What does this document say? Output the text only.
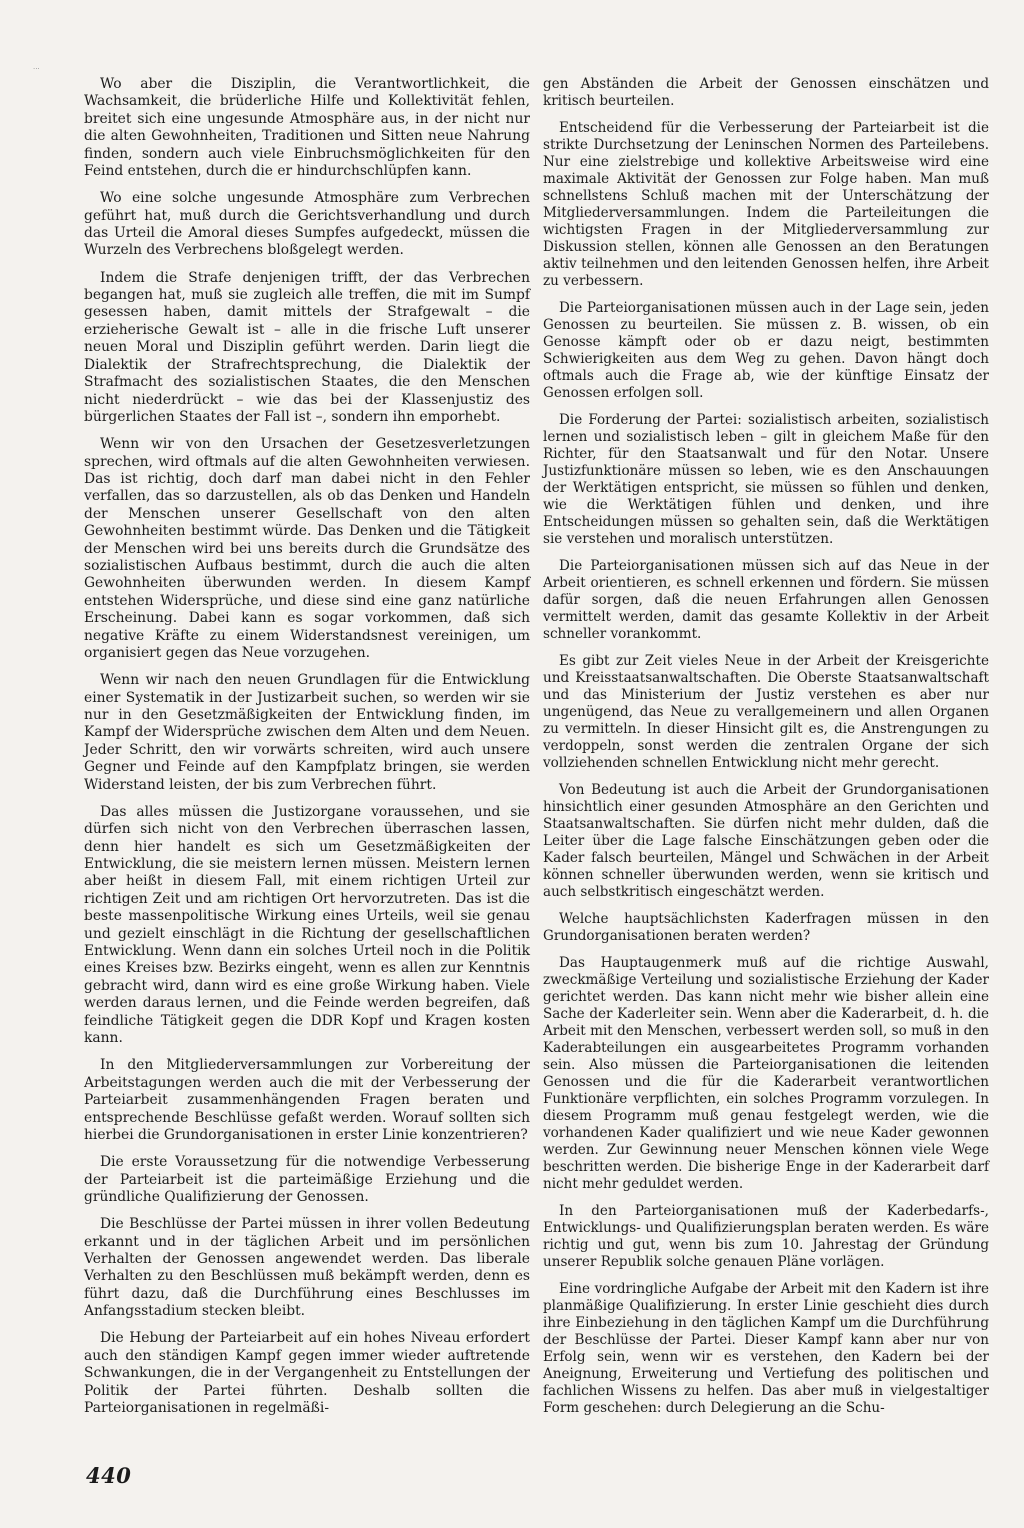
...

Wo aber die Disziplin, die Verantwortlichkeit, die Wachsamkeit, die brüderliche Hilfe und Kollektivität fehlen, breitet sich eine ungesunde Atmosphäre aus, in der nicht nur die alten Gewohnheiten, Traditionen und Sitten neue Nahrung finden, sondern auch viele Einbruchsmöglichkeiten für den Feind entstehen, durch die er hindurchschlüpfen kann.

Wo eine solche ungesunde Atmosphäre zum Verbrechen geführt hat, muß durch die Gerichtsverhandlung und durch das Urteil die Amoral dieses Sumpfes aufgedeckt, müssen die Wurzeln des Verbrechens bloßgelegt werden.

Indem die Strafe denjenigen trifft, der das Verbrechen begangen hat, muß sie zugleich alle treffen, die mit im Sumpf gesessen haben, damit mittels der Strafgewalt – die erzieherische Gewalt ist – alle in die frische Luft unserer neuen Moral und Disziplin geführt werden. Darin liegt die Dialektik der Strafrechtsprechung, die Dialektik der Strafmacht des sozialistischen Staates, die den Menschen nicht niederdrückt – wie das bei der Klassenjustiz des bürgerlichen Staates der Fall ist –, sondern ihn emporhebt.

Wenn wir von den Ursachen der Gesetzesverletzungen sprechen, wird oftmals auf die alten Gewohnheiten verwiesen. Das ist richtig, doch darf man dabei nicht in den Fehler verfallen, das so darzustellen, als ob das Denken und Handeln der Menschen unserer Gesellschaft von den alten Gewohnheiten bestimmt würde. Das Denken und die Tätigkeit der Menschen wird bei uns bereits durch die Grundsätze des sozialistischen Aufbaus bestimmt, durch die auch die alten Gewohnheiten überwunden werden. In diesem Kampf entstehen Widersprüche, und diese sind eine ganz natürliche Erscheinung. Dabei kann es sogar vorkommen, daß sich negative Kräfte zu einem Widerstandsnest vereinigen, um organisiert gegen das Neue vorzugehen.

Wenn wir nach den neuen Grundlagen für die Entwicklung einer Systematik in der Justizarbeit suchen, so werden wir sie nur in den Gesetzmäßigkeiten der Entwicklung finden, im Kampf der Widersprüche zwischen dem Alten und dem Neuen. Jeder Schritt, den wir vorwärts schreiten, wird auch unsere Gegner und Feinde auf den Kampfplatz bringen, sie werden Widerstand leisten, der bis zum Verbrechen führt.

Das alles müssen die Justizorgane voraussehen, und sie dürfen sich nicht von den Verbrechen überraschen lassen, denn hier handelt es sich um Gesetzmäßigkeiten der Entwicklung, die sie meistern lernen müssen. Meistern lernen aber heißt in diesem Fall, mit einem richtigen Urteil zur richtigen Zeit und am richtigen Ort hervorzutreten. Das ist die beste massenpolitische Wirkung eines Urteils, weil sie genau und gezielt einschlägt in die Richtung der gesellschaftlichen Entwicklung. Wenn dann ein solches Urteil noch in die Politik eines Kreises bzw. Bezirks eingeht, wenn es allen zur Kenntnis gebracht wird, dann wird es eine große Wirkung haben. Viele werden daraus lernen, und die Feinde werden begreifen, daß feindliche Tätigkeit gegen die DDR Kopf und Kragen kosten kann.

In den Mitgliederversammlungen zur Vorbereitung der Arbeitstagungen werden auch die mit der Verbesserung der Parteiarbeit zusammenhängenden Fragen beraten und entsprechende Beschlüsse gefaßt werden. Worauf sollten sich hierbei die Grundorganisationen in erster Linie konzentrieren?

Die erste Voraussetzung für die notwendige Verbesserung der Parteiarbeit ist die parteimäßige Erziehung und die gründliche Qualifizierung der Genossen.

Die Beschlüsse der Partei müssen in ihrer vollen Bedeutung erkannt und in der täglichen Arbeit und im persönlichen Verhalten der Genossen angewendet werden. Das liberale Verhalten zu den Beschlüssen muß bekämpft werden, denn es führt dazu, daß die Durchführung eines Beschlusses im Anfangsstadium stecken bleibt.

Die Hebung der Parteiarbeit auf ein hohes Niveau erfordert auch den ständigen Kampf gegen immer wieder auftretende Schwankungen, die in der Vergangenheit zu Entstellungen der Politik der Partei führten. Deshalb sollten die Parteiorganisationen in regelmäßi-

gen Abständen die Arbeit der Genossen einschätzen und kritisch beurteilen.

Entscheidend für die Verbesserung der Parteiarbeit ist die strikte Durchsetzung der Leninschen Normen des Parteilebens. Nur eine zielstrebige und kollektive Arbeitsweise wird eine maximale Aktivität der Genossen zur Folge haben. Man muß schnellstens Schluß machen mit der Unterschätzung der Mitgliederversammlungen. Indem die Parteileitungen die wichtigsten Fragen in der Mitgliederversammlung zur Diskussion stellen, können alle Genossen an den Beratungen aktiv teilnehmen und den leitenden Genossen helfen, ihre Arbeit zu verbessern.

Die Parteiorganisationen müssen auch in der Lage sein, jeden Genossen zu beurteilen. Sie müssen z. B. wissen, ob ein Genosse kämpft oder ob er dazu neigt, bestimmten Schwierigkeiten aus dem Weg zu gehen. Davon hängt doch oftmals auch die Frage ab, wie der künftige Einsatz der Genossen erfolgen soll.

Die Forderung der Partei: sozialistisch arbeiten, sozialistisch lernen und sozialistisch leben – gilt in gleichem Maße für den Richter, für den Staatsanwalt und für den Notar. Unsere Justizfunktionäre müssen so leben, wie es den Anschauungen der Werktätigen entspricht, sie müssen so fühlen und denken, wie die Werktätigen fühlen und denken, und ihre Entscheidungen müssen so gehalten sein, daß die Werktätigen sie verstehen und moralisch unterstützen.

Die Parteiorganisationen müssen sich auf das Neue in der Arbeit orientieren, es schnell erkennen und fördern. Sie müssen dafür sorgen, daß die neuen Erfahrungen allen Genossen vermittelt werden, damit das gesamte Kollektiv in der Arbeit schneller vorankommt.

Es gibt zur Zeit vieles Neue in der Arbeit der Kreisgerichte und Kreisstaatsanwaltschaften. Die Oberste Staatsanwaltschaft und das Ministerium der Justiz verstehen es aber nur ungenügend, das Neue zu verallgemeinern und allen Organen zu vermitteln. In dieser Hinsicht gilt es, die Anstrengungen zu verdoppeln, sonst werden die zentralen Organe der sich vollziehenden schnellen Entwicklung nicht mehr gerecht.

Von Bedeutung ist auch die Arbeit der Grundorganisationen hinsichtlich einer gesunden Atmosphäre an den Gerichten und Staatsanwaltschaften. Sie dürfen nicht mehr dulden, daß die Leiter über die Lage falsche Einschätzungen geben oder die Kader falsch beurteilen, Mängel und Schwächen in der Arbeit können schneller überwunden werden, wenn sie kritisch und auch selbstkritisch eingeschätzt werden.

Welche hauptsächlichsten Kaderfragen müssen in den Grundorganisationen beraten werden?

Das Hauptaugenmerk muß auf die richtige Auswahl, zweckmäßige Verteilung und sozialistische Erziehung der Kader gerichtet werden. Das kann nicht mehr wie bisher allein eine Sache der Kaderleiter sein. Wenn aber die Kaderarbeit, d. h. die Arbeit mit den Menschen, verbessert werden soll, so muß in den Kaderabteilungen ein ausgearbeitetes Programm vorhanden sein. Also müssen die Parteiorganisationen die leitenden Genossen und die für die Kaderarbeit verantwortlichen Funktionäre verpflichten, ein solches Programm vorzulegen. In diesem Programm muß genau festgelegt werden, wie die vorhandenen Kader qualifiziert und wie neue Kader gewonnen werden. Zur Gewinnung neuer Menschen können viele Wege beschritten werden. Die bisherige Enge in der Kaderarbeit darf nicht mehr geduldet werden.

In den Parteiorganisationen muß der Kaderbedarfs-, Entwicklungs- und Qualifizierungsplan beraten werden. Es wäre richtig und gut, wenn bis zum 10. Jahrestag der Gründung unserer Republik solche genauen Pläne vorlägen.

Eine vordringliche Aufgabe der Arbeit mit den Kadern ist ihre planmäßige Qualifizierung. In erster Linie geschieht dies durch ihre Einbeziehung in den täglichen Kampf um die Durchführung der Beschlüsse der Partei. Dieser Kampf kann aber nur von Erfolg sein, wenn wir es verstehen, den Kadern bei der Aneignung, Erweiterung und Vertiefung des politischen und fachlichen Wissens zu helfen. Das aber muß in vielgestaltiger Form geschehen: durch Delegierung an die Schu-

440
